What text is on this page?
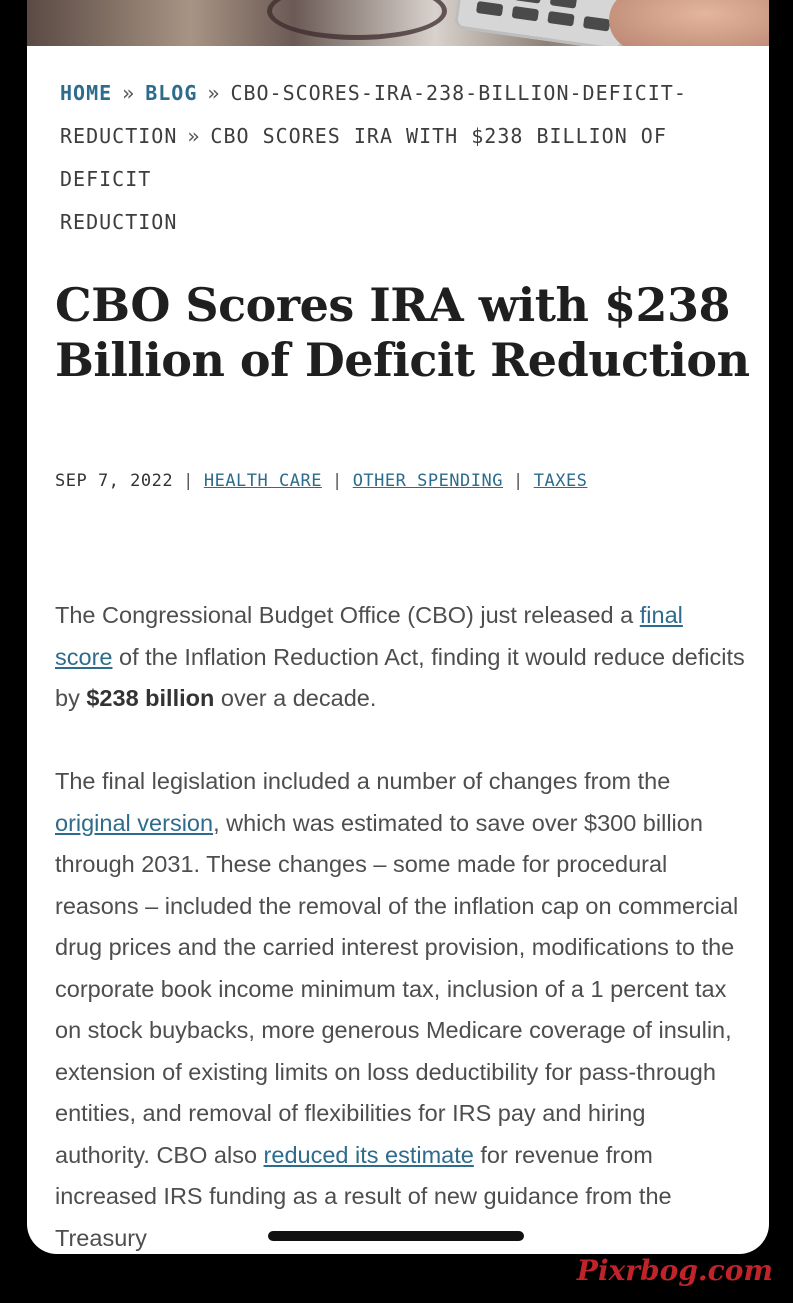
HOME » BLOG » CBO-SCORES-IRA-238-BILLION-DEFICIT-
REDUCTION » CBO SCORES IRA WITH $238 BILLION OF DEFICIT
REDUCTION
CBO Scores IRA with $238 Billion of Deficit Reduction
SEP 7, 2022 | HEALTH CARE | OTHER SPENDING | TAXES

The Congressional Budget Office (CBO) just released a final score of the Inflation Reduction Act, finding it would reduce deficits by $238 billion over a decade.

The final legislation included a number of changes from the original version, which was estimated to save over $300 billion through 2031. These changes – some made for procedural reasons – included the removal of the inflation cap on commercial drug prices and the carried interest provision, modifications to the corporate book income minimum tax, inclusion of a 1 percent tax on stock buybacks, more generous Medicare coverage of insulin, extension of existing limits on loss deductibility for pass-through entities, and removal of flexibilities for IRS pay and hiring authority. CBO also reduced its estimate for revenue from increased IRS funding as a result of new guidance from the Treasury

Pixrbog.com
